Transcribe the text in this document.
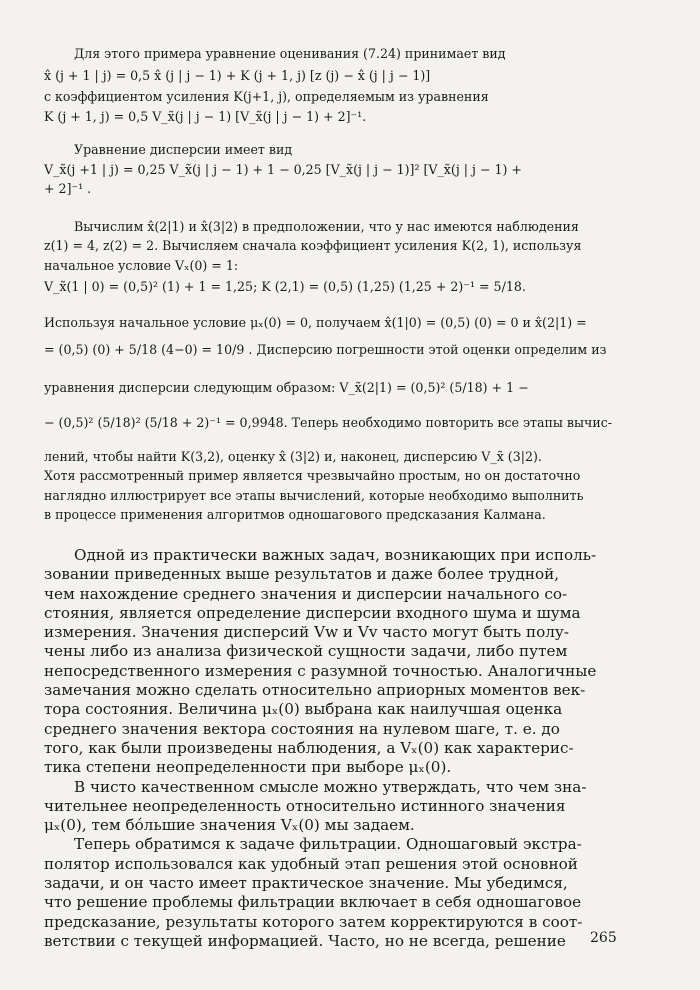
Для этого примера уравнение оценивания (7.24) принимает вид
x̂ (j + 1 | j) = 0,5 x̂ (j | j − 1) + K (j + 1, j) [z (j) − x̂ (j | j − 1)]
с коэффициентом усиления K(j+1, j), определяемым из уравнения
K (j + 1, j) = 0,5 V_x̃(j | j − 1) [V_x̃(j | j − 1) + 2]⁻¹.
Уравнение дисперсии имеет вид
V_x̃(j +1 | j) = 0,25 V_x̃(j | j − 1) + 1 − 0,25 [V_x̃(j | j − 1)]² [V_x̃(j | j − 1) +
+ 2]⁻¹ .
Вычислим x̂(2|1) и x̂(3|2) в предположении, что у нас имеются наблюдения
z(1) = 4, z(2) = 2. Вычисляем сначала коэффициент усиления K(2, 1), используя
начальное условие Vₓ(0) = 1:
V_x̃(1 | 0) = (0,5)² (1) + 1 = 1,25; K (2,1) = (0,5) (1,25) (1,25 + 2)⁻¹ = 5/18.
Используя начальное условие μₓ(0) = 0, получаем x̂(1|0) = (0,5) (0) = 0 и x̂(2|1) =
= (0,5) (0) + 5/18 (4−0) = 10/9 . Дисперсию погрешности этой оценки определим из
уравнения дисперсии следующим образом: V_x̃(2|1) = (0,5)² (5/18) + 1 −
− (0,5)² (5/18)² (5/18 + 2)⁻¹ = 0,9948. Теперь необходимо повторить все этапы вычис-
лений, чтобы найти K(3,2), оценку x̂ (3|2) и, наконец, дисперсию V_x̃ (3|2).
Хотя рассмотренный пример является чрезвычайно простым, но он достаточно
наглядно иллюстрирует все этапы вычислений, которые необходимо выполнить
в процессе применения алгоритмов одношагового предсказания Калмана.
Одной из практически важных задач, возникающих при исполь-
зовании приведенных выше результатов и даже более трудной,
чем нахождение среднего значения и дисперсии начального со-
стояния, является определение дисперсии входного шума и шума
измерения. Значения дисперсий Vw и Vv часто могут быть полу-
чены либо из анализа физической сущности задачи, либо путем
непосредственного измерения с разумной точностью. Аналогичные
замечания можно сделать относительно априорных моментов век-
тора состояния. Величина μₓ(0) выбрана как наилучшая оценка
среднего значения вектора состояния на нулевом шаге, т. е. до
того, как были произведены наблюдения, а Vₓ(0) как характерис-
тика степени неопределенности при выборе μₓ(0).
В чисто качественном смысле можно утверждать, что чем зна-
чительнее неопределенность относительно истинного значения
μₓ(0), тем бо́льшие значения Vₓ(0) мы задаем.
Теперь обратимся к задаче фильтрации. Одношаговый экстра-
полятор использовался как удобный этап решения этой основной
задачи, и он часто имеет практическое значение. Мы убедимся,
что решение проблемы фильтрации включает в себя одношаговое
предсказание, результаты которого затем корректируются в соот-
ветствии с текущей информацией. Часто, но не всегда, решение	265
